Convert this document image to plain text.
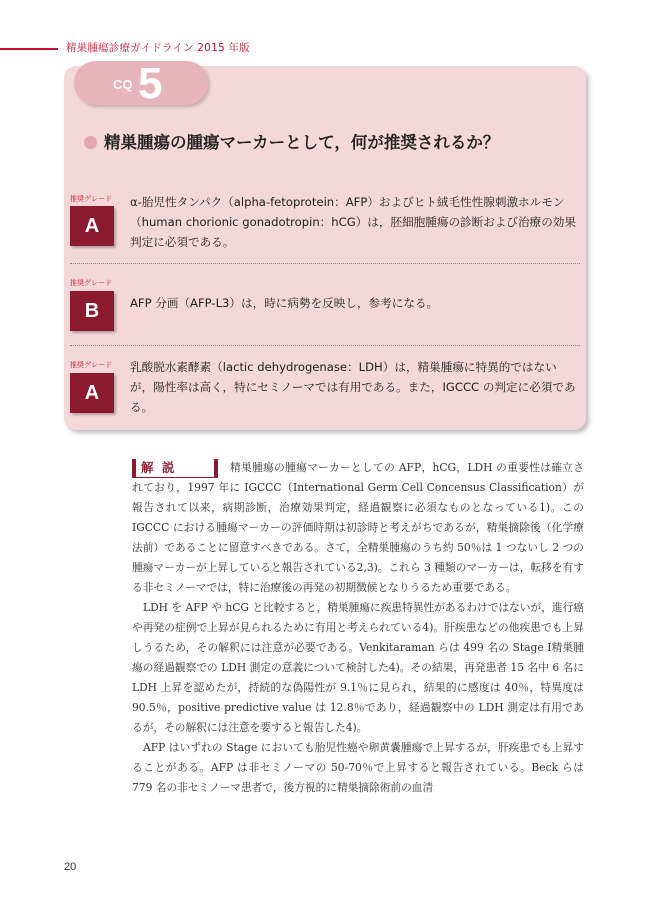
精巣腫瘍診療ガイドライン 2015 年版
CQ 5
精巣腫瘍の腫瘍マーカーとして，何が推奨されるか？
推奨グレード
A
α-胎児性タンパク（alpha-fetoprotein：AFP）およびヒト絨毛性性腺刺激ホルモン（human chorionic gonadotropin：hCG）は，胚細胞腫瘍の診断および治療の効果判定に必須である。
推奨グレード
B	AFP 分画（AFP-L3）は，時に病勢を反映し，参考になる。
推奨グレード
A
乳酸脱水素酵素（lactic dehydrogenase：LDH）は，精巣腫瘍に特異的ではないが，陽性率は高く，特にセミノーマでは有用である。また，IGCCC の判定に必須である。
解 説	精巣腫瘍の腫瘍マーカーとしての AFP，hCG，LDH の重要性は確立されており，1997 年に IGCCC（International Germ Cell Concensus Classification）が報告されて以来，病期診断，治療効果判定，経過観察に必須なものとなっている1)。この IGCCC における腫瘍マーカーの評価時期は初診時と考えがちであるが，精巣摘除後（化学療法前）であることに留意すべきである。さて，全精巣腫瘍のうち約 50％は 1 つないし 2 つの腫瘍マーカーが上昇していると報告されている2,3)。これら 3 種類のマーカーは，転移を有する非セミノーマでは，特に治療後の再発の初期徴候となりうるため重要である。

LDH を AFP や hCG と比較すると，精巣腫瘍に疾患特異性があるわけではないが，進行癌や再発の症例で上昇が見られるために有用と考えられている4)。肝疾患などの他疾患でも上昇しうるため，その解釈には注意が必要である。Venkitaraman らは 499 名の Stage Ⅰ精巣腫瘍の経過観察での LDH 測定の意義について検討した4)。その結果，再発患者 15 名中 6 名に LDH 上昇を認めたが，持続的な偽陽性が 9.1％に見られ，結果的に感度は 40％，特異度は 90.5％，positive predictive value は 12.8％であり，経過観察中の LDH 測定は有用であるが，その解釈には注意を要すると報告した4)。

AFP はいずれの Stage においても胎児性癌や卵黄嚢腫瘍で上昇するが，肝疾患でも上昇することがある。AFP は非セミノーマの 50-70％で上昇すると報告されている。Beck らは 779 名の非セミノーマ患者で，後方視的に精巣摘除術前の血清

20
